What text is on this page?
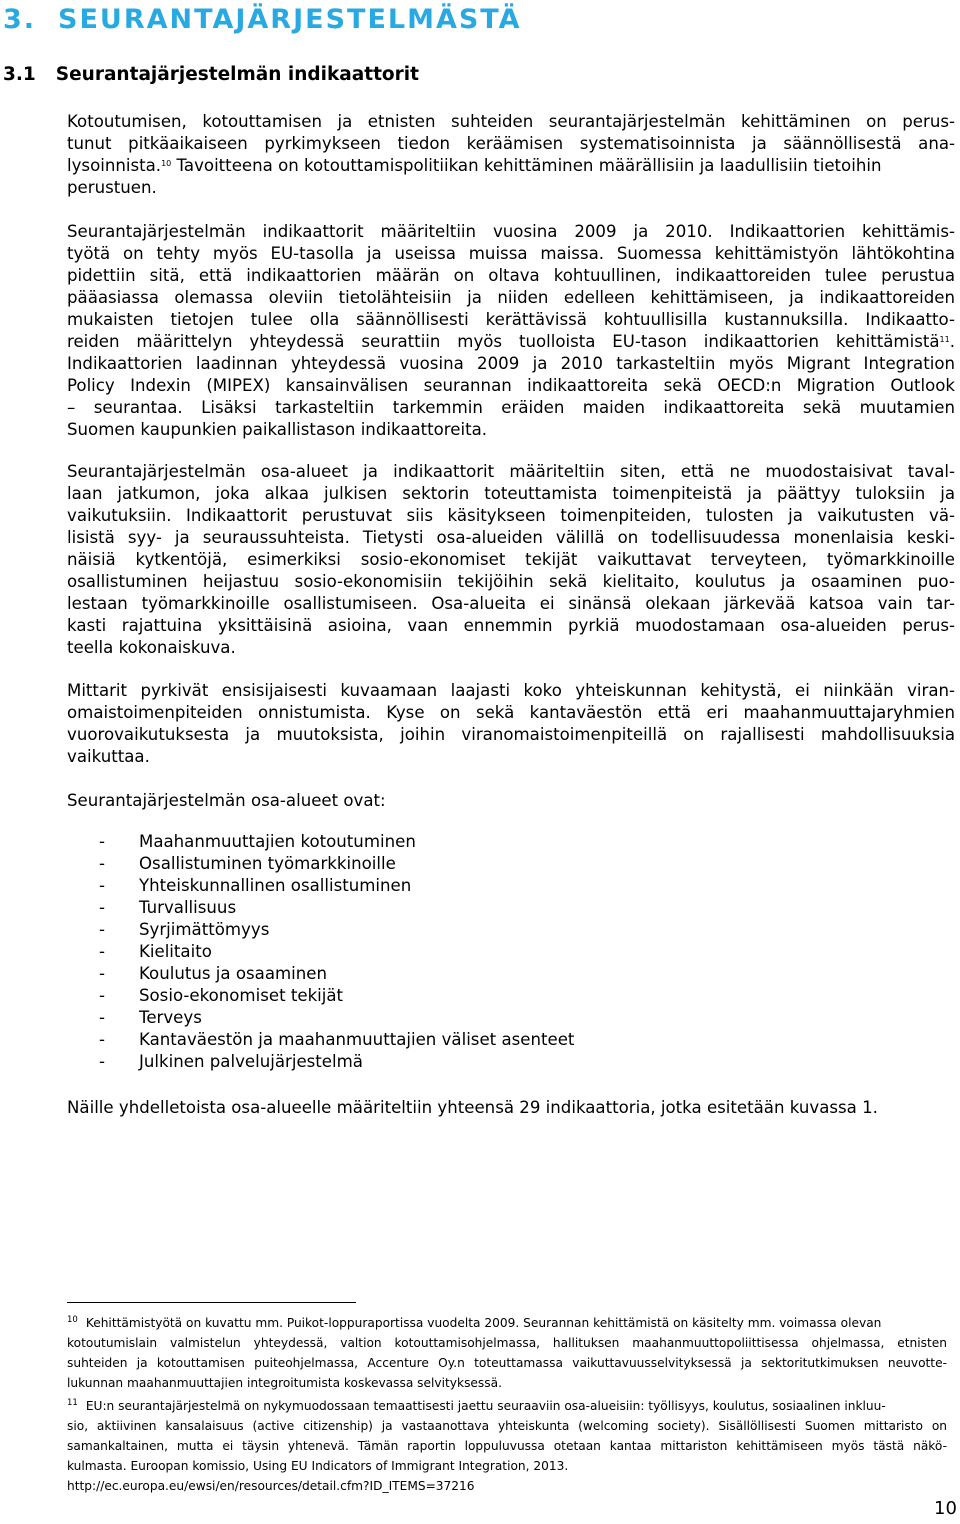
3. SEURANTAJÄRJESTELMÄSTÄ
3.1 Seurantajärjestelmän indikaattorit
Kotoutumisen, kotouttamisen ja etnisten suhteiden seurantajärjestelmän kehittäminen on perus-
tunut pitkäaikaiseen pyrkimykseen tiedon keräämisen systematisoinnista ja säännöllisestä ana-
lysoinnista.$^{10}$ Tavoitteena on kotouttamispolitiikan kehittäminen määrällisiin ja laadullisiin tietoihin
perustuen.
Seurantajärjestelmän indikaattorit määriteltiin vuosina 2009 ja 2010. Indikaattorien kehittämis-
työtä on tehty myös EU-tasolla ja useissa muissa maissa. Suomessa kehittämistyön lähtökohtina
pidettiin sitä, että indikaattorien määrän on oltava kohtuullinen, indikaattoreiden tulee perustua
pääasiassa olemassa oleviin tietolähteisiin ja niiden edelleen kehittämiseen, ja indikaattoreiden
mukaisten tietojen tulee olla säännöllisesti kerättävissä kohtuullisilla kustannuksilla. Indikaatto-
reiden määrittelyn yhteydessä seurattiin myös tuolloista EU-tason indikaattorien kehittämistä$^{11}$.
Indikaattorien laadinnan yhteydessä vuosina 2009 ja 2010 tarkasteltiin myös Migrant Integration
Policy Indexin (MIPEX) kansainvälisen seurannan indikaattoreita sekä OECD:n Migration Outlook
– seurantaa. Lisäksi tarkasteltiin tarkemmin eräiden maiden indikaattoreita sekä muutamien
Suomen kaupunkien paikallistason indikaattoreita.
Seurantajärjestelmän osa-alueet ja indikaattorit määriteltiin siten, että ne muodostaisivat taval-
laan jatkumon, joka alkaa julkisen sektorin toteuttamista toimenpiteistä ja päättyy tuloksiin ja
vaikutuksiin. Indikaattorit perustuvat siis käsitykseen toimenpiteiden, tulosten ja vaikutusten vä-
lisistä syy- ja seuraussuhteista. Tietysti osa-alueiden välillä on todellisuudessa monenlaisia keski-
näisiä kytkentöjä, esimerkiksi sosio-ekonomiset tekijät vaikuttavat terveyteen, työmarkkinoille
osallistuminen heijastuu sosio-ekonomisiin tekijöihin sekä kielitaito, koulutus ja osaaminen puo-
lestaan työmarkkinoille osallistumiseen. Osa-alueita ei sinänsä olekaan järkevää katsoa vain tar-
kasti rajattuina yksittäisinä asioina, vaan ennemmin pyrkiä muodostamaan osa-alueiden perus-
teella kokonaiskuva.
Mittarit pyrkivät ensisijaisesti kuvaamaan laajasti koko yhteiskunnan kehitystä, ei niinkään viran-
omaistoimenpiteiden onnistumista. Kyse on sekä kantaväestön että eri maahanmuuttajaryhmien
vuorovaikutuksesta ja muutoksista, joihin viranomaistoimenpiteillä on rajallisesti mahdollisuuksia
vaikuttaa.
Seurantajärjestelmän osa-alueet ovat:
- Maahanmuuttajien kotoutuminen
- Osallistuminen työmarkkinoille
- Yhteiskunnallinen osallistuminen
- Turvallisuus
- Syrjimättömyys
- Kielitaito
- Koulutus ja osaaminen
- Sosio-ekonomiset tekijät
- Terveys
- Kantaväestön ja maahanmuuttajien väliset asenteet
- Julkinen palvelujärjestelmä
Näille yhdelletoista osa-alueelle määriteltiin yhteensä 29 indikaattoria, jotka esitetään kuvassa 1.
$^{10}$ Kehittämistyötä on kuvattu mm. Puikot-loppuraportissa vuodelta 2009. Seurannan kehittämistä on käsitelty mm. voimassa olevan
kotoutumislain valmistelun yhteydessä, valtion kotouttamisohjelmassa, hallituksen maahanmuuttopoliittisessa ohjelmassa, etnisten
suhteiden ja kotouttamisen puiteohjelmassa, Accenture Oy.n toteuttamassa vaikuttavuusselvityksessä ja sektoritutkimuksen neuvotte-
lukunnan maahanmuuttajien integroitumista koskevassa selvityksessä.
$^{11}$ EU:n seurantajärjestelmä on nykymuodossaan temaattisesti jaettu seuraaviin osa-alueisiin: työllisyys, koulutus, sosiaalinen inkluu-
sio, aktiivinen kansalaisuus (active citizenship) ja vastaanottava yhteiskunta (welcoming society). Sisällöllisesti Suomen mittaristo on
samankaltainen, mutta ei täysin yhtenevä. Tämän raportin loppuluvussa otetaan kantaa mittariston kehittämiseen myös tästä näkö-
kulmasta. Euroopan komissio, Using EU Indicators of Immigrant Integration, 2013.
http://ec.europa.eu/ewsi/en/resources/detail.cfm?ID_ITEMS=37216
10
